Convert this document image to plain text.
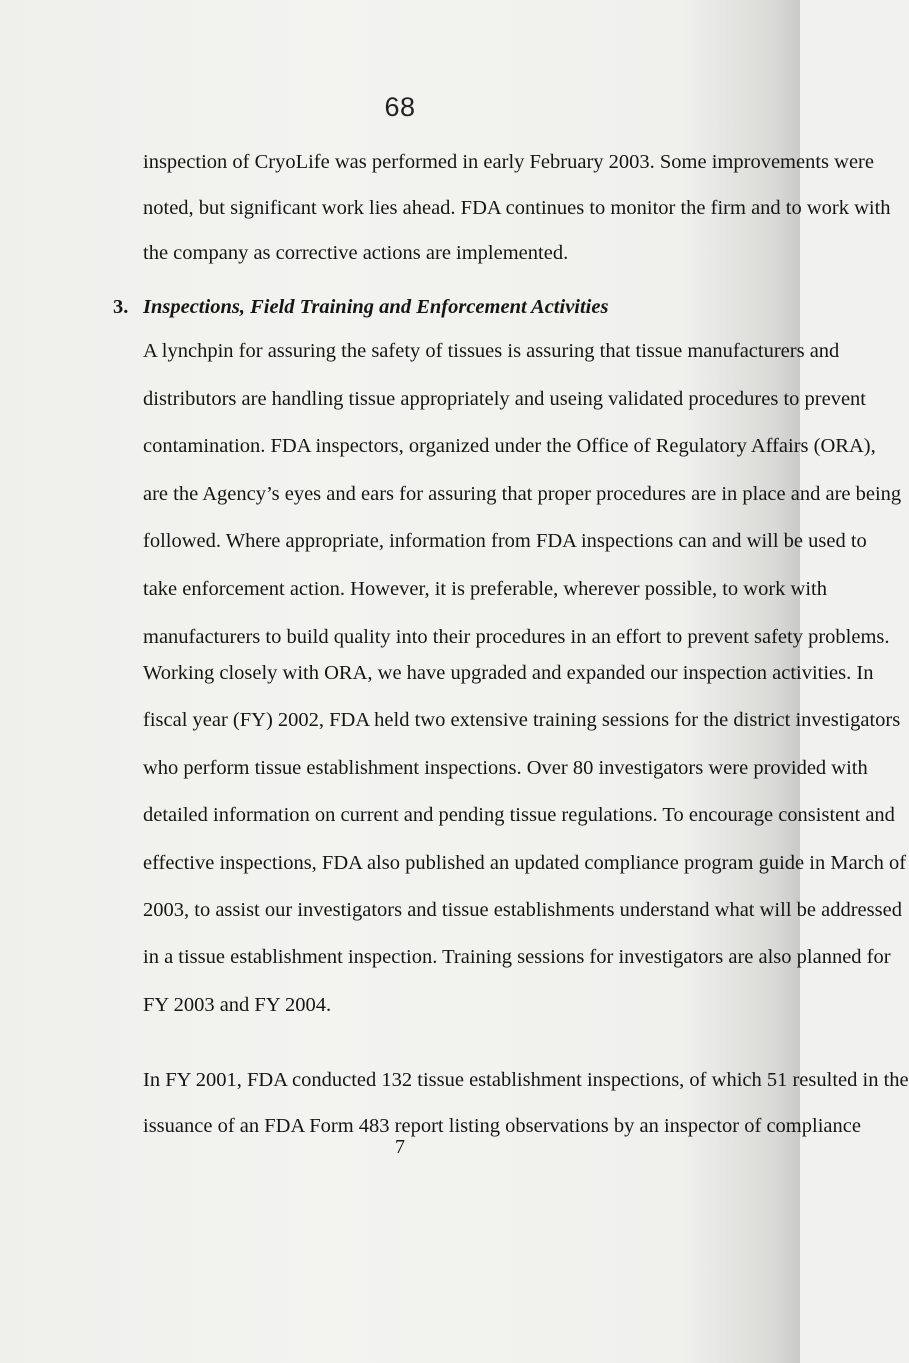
68

inspection of CryoLife was performed in early February 2003. Some improvements were
noted, but significant work lies ahead. FDA continues to monitor the firm and to work with
the company as corrective actions are implemented.

3. Inspections, Field Training and Enforcement Activities

A lynchpin for assuring the safety of tissues is assuring that tissue manufacturers and
distributors are handling tissue appropriately and useing validated procedures to prevent
contamination. FDA inspectors, organized under the Office of Regulatory Affairs (ORA),
are the Agency’s eyes and ears for assuring that proper procedures are in place and are being
followed. Where appropriate, information from FDA inspections can and will be used to
take enforcement action. However, it is preferable, wherever possible, to work with
manufacturers to build quality into their procedures in an effort to prevent safety problems.

Working closely with ORA, we have upgraded and expanded our inspection activities. In
fiscal year (FY) 2002, FDA held two extensive training sessions for the district investigators
who perform tissue establishment inspections. Over 80 investigators were provided with
detailed information on current and pending tissue regulations. To encourage consistent and
effective inspections, FDA also published an updated compliance program guide in March of
2003, to assist our investigators and tissue establishments understand what will be addressed
in a tissue establishment inspection. Training sessions for investigators are also planned for
FY 2003 and FY 2004.

In FY 2001, FDA conducted 132 tissue establishment inspections, of which 51 resulted in the
issuance of an FDA Form 483 report listing observations by an inspector of compliance

7
